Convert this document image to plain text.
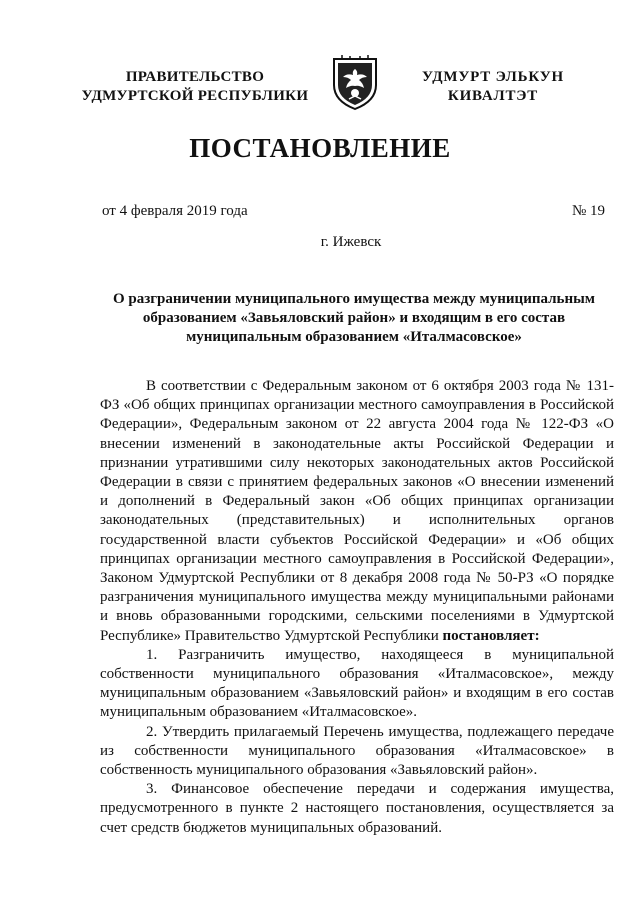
ПРАВИТЕЛЬСТВО
УДМУРТСКОЙ РЕСПУБЛИКИ
УДМУРТ ЭЛЬКУН
КИВАЛТЭТ
ПОСТАНОВЛЕНИЕ
от 4 февраля 2019 года	№ 19
г. Ижевск
О разграничении муниципального имущества между муниципальным
образованием «Завьяловский район» и входящим в его состав
муниципальным образованием «Италмасовское»

В соответствии с Федеральным законом от 6 октября 2003 года № 131-ФЗ «Об общих принципах организации местного самоуправления в Российской Федерации», Федеральным законом от 22 августа 2004 года № 122-ФЗ «О внесении изменений в законодательные акты Российской Федерации и признании утратившими силу некоторых законодательных актов Российской Федерации в связи с принятием федеральных законов «О внесении изменений и дополнений в Федеральный закон «Об общих принципах организации законодательных (представительных) и исполнительных органов государственной власти субъектов Российской Федерации» и «Об общих принципах организации местного самоуправления в Российской Федерации», Законом Удмуртской Республики от 8 декабря 2008 года № 50-РЗ «О порядке разграничения муниципального имущества между муниципальными районами и вновь образованными городскими, сельскими поселениями в Удмуртской Республике» Правительство Удмуртской Республики постановляет:

1. Разграничить имущество, находящееся в муниципальной собственности муниципального образования «Италмасовское», между муниципальным образованием «Завьяловский район» и входящим в его состав муниципальным образованием «Италмасовское».

2. Утвердить прилагаемый Перечень имущества, подлежащего передаче из собственности муниципального образования «Италмасовское» в собственность муниципального образования «Завьяловский район».

3. Финансовое обеспечение передачи и содержания имущества, предусмотренного в пункте 2 настоящего постановления, осуществляется за счет средств бюджетов муниципальных образований.
